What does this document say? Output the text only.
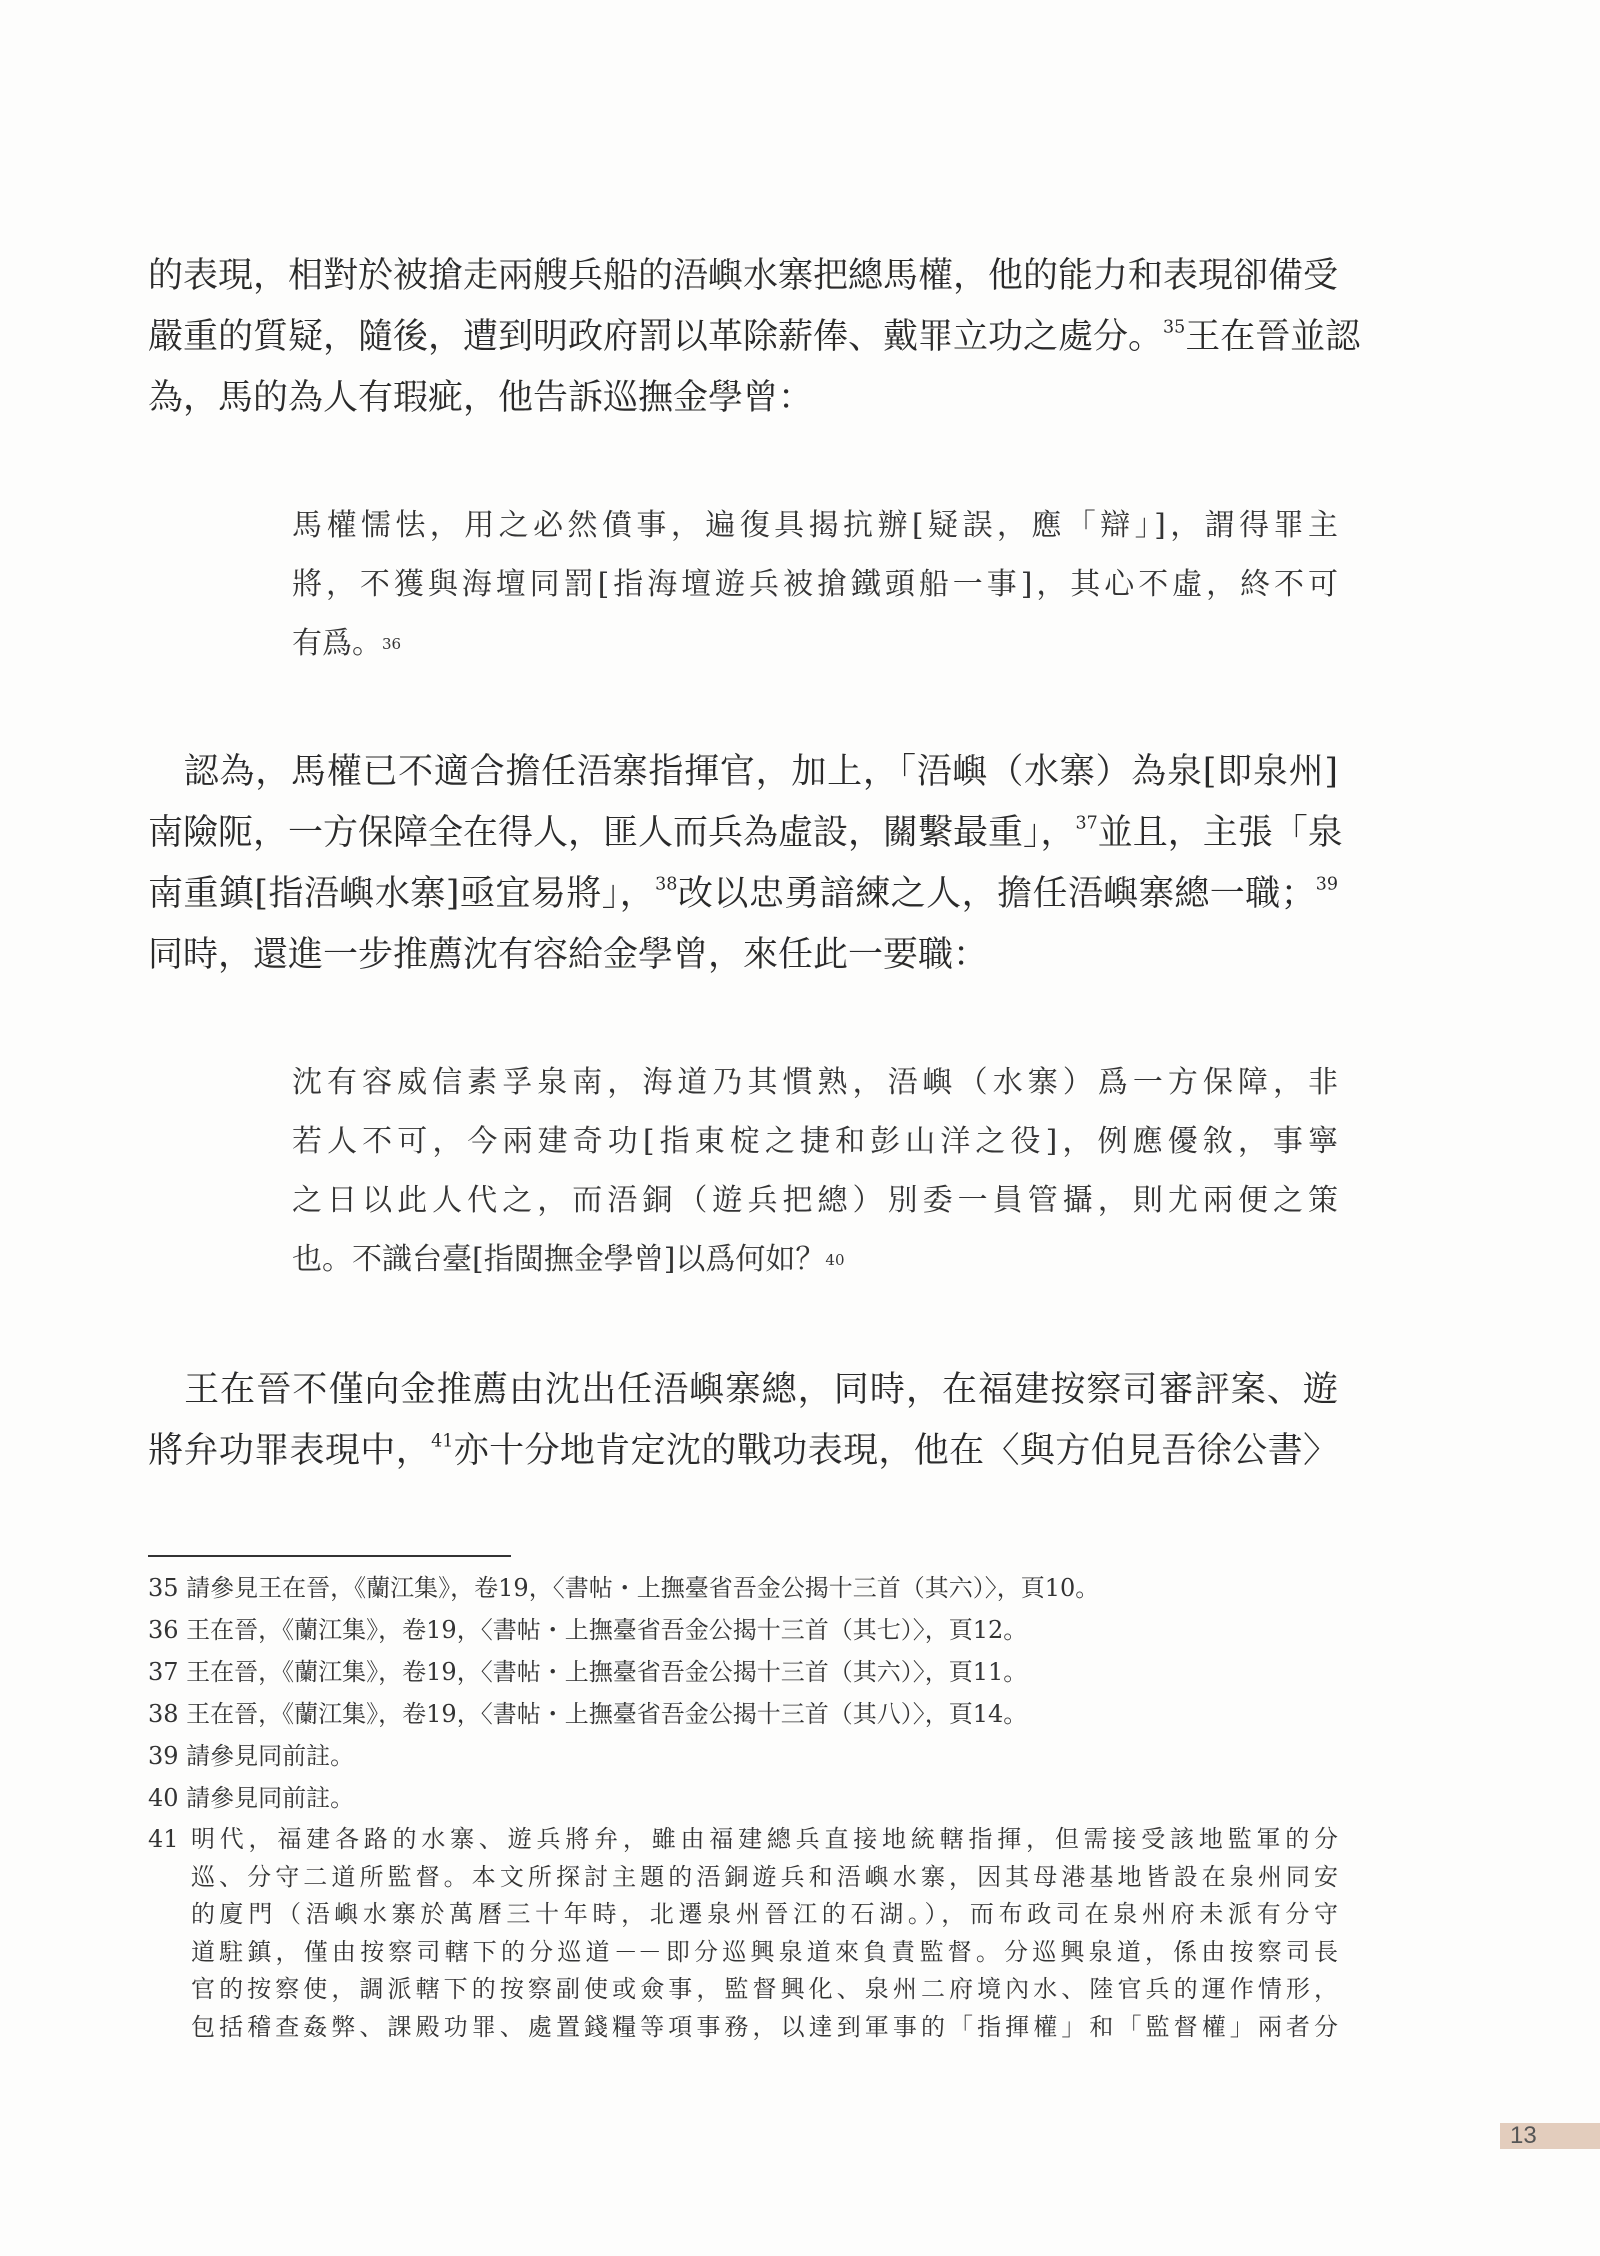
的表現，相對於被搶走兩艘兵船的浯嶼水寨把總馬權，他的能力和表現卻備受
嚴重的質疑，隨後，遭到明政府罰以革除薪俸、戴罪立功之處分。$^{35}$王在晉並認
為，馬的為人有瑕疵，他告訴巡撫金學曾：
馬權懦怯，用之必然僨事，遍復具揭抗辦[疑誤，應「辯」]，謂得罪主
將，不獲與海壇同罰[指海壇遊兵被搶鐵頭船一事]，其心不虛，終不可
有爲。 36
　認為，馬權已不適合擔任浯寨指揮官，加上，「浯嶼（水寨）為泉[即泉州]
南險阨，一方保障全在得人，匪人而兵為虛設，關繫最重」，$^{37}$並且，主張「泉
南重鎮[指浯嶼水寨]亟宜易將」，$^{38}$改以忠勇諳練之人，擔任浯嶼寨總一職；$^{39}$
同時，還進一步推薦沈有容給金學曾，來任此一要職：
沈有容威信素孚泉南，海道乃其慣熟，浯嶼（水寨）爲一方保障，非
若人不可，今兩建奇功[指東椗之捷和彭山洋之役]，例應優敘，事寧
之日以此人代之，而浯銅（遊兵把總）別委一員管攝，則尤兩便之策
也。不識台臺[指閩撫金學曾]以爲何如？ 40
　王在晉不僅向金推薦由沈出任浯嶼寨總，同時，在福建按察司審評案、遊
將弁功罪表現中，$^{41}$亦十分地肯定沈的戰功表現，他在〈與方伯見吾徐公書〉
35 請參見王在晉，《蘭江集》，卷19，〈書帖・上撫臺省吾金公揭十三首（其六）〉，頁10。
36 王在晉，《蘭江集》，卷19，〈書帖・上撫臺省吾金公揭十三首（其七）〉，頁12。
37 王在晉，《蘭江集》，卷19，〈書帖・上撫臺省吾金公揭十三首（其六）〉，頁11。
38 王在晉，《蘭江集》，卷19，〈書帖・上撫臺省吾金公揭十三首（其八）〉，頁14。
39 請參見同前註。
40 請參見同前註。
41 明代，福建各路的水寨、遊兵將弁，雖由福建總兵直接地統轄指揮，但需接受該地監軍的分
巡、分守二道所監督。本文所探討主題的浯銅遊兵和浯嶼水寨，因其母港基地皆設在泉州同安
的廈門（浯嶼水寨於萬曆三十年時，北遷泉州晉江的石湖。），而布政司在泉州府未派有分守
道駐鎮，僅由按察司轄下的分巡道－－即分巡興泉道來負責監督。分巡興泉道，係由按察司長
官的按察使，調派轄下的按察副使或僉事，監督興化、泉州二府境內水、陸官兵的運作情形，
包括稽查姦弊、課殿功罪、處置錢糧等項事務，以達到軍事的「指揮權」和「監督權」兩者分
13
